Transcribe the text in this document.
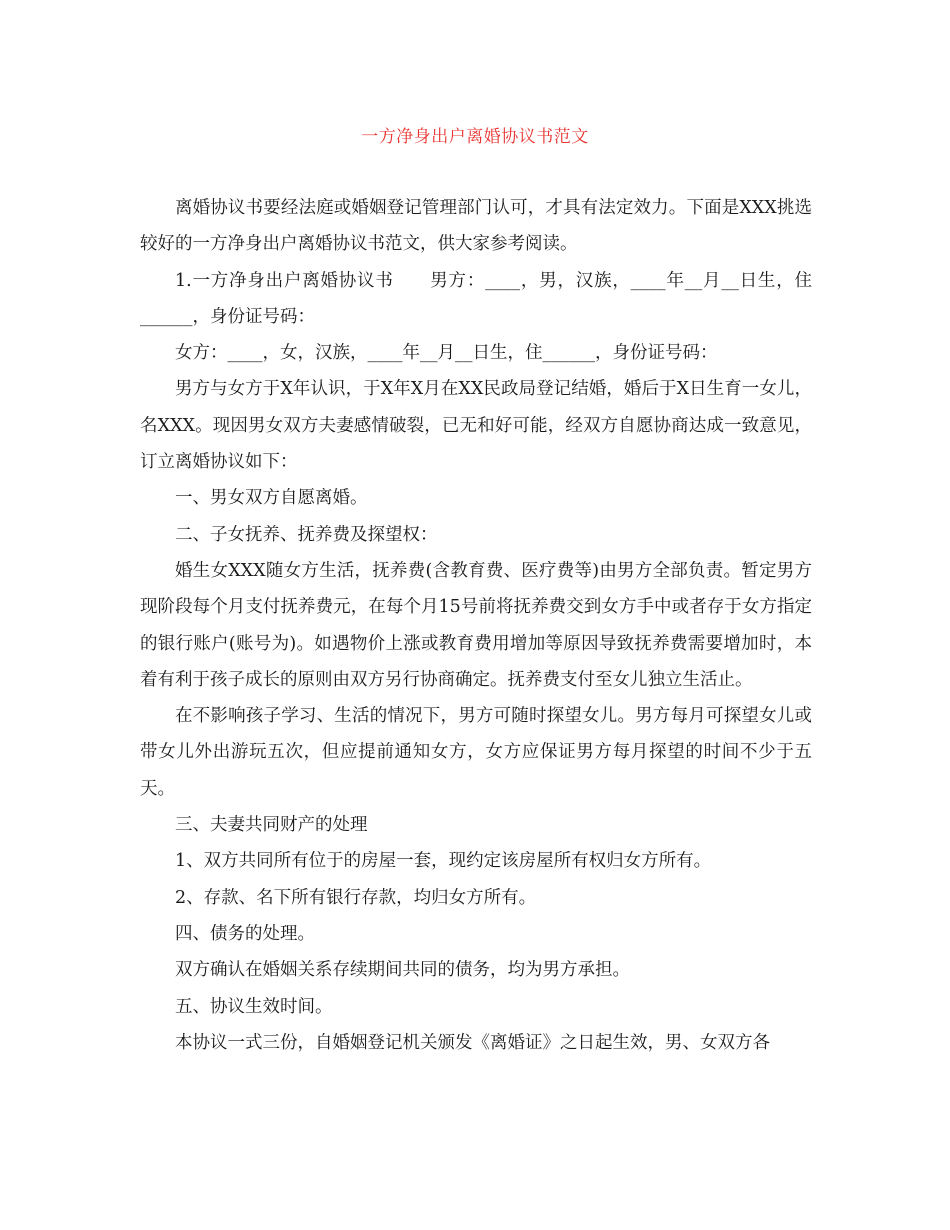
一方净身出户离婚协议书范文

离婚协议书要经法庭或婚姻登记管理部门认可，才具有法定效力。下面是XXX挑选较好的一方净身出户离婚协议书范文，供大家参考阅读。

1.一方净身出户离婚协议书　　男方：____，男，汉族，____年__月__日生，住______，身份证号码：

女方：____，女，汉族，____年__月__日生，住______，身份证号码：

男方与女方于X年认识，于X年X月在XX民政局登记结婚，婚后于X日生育一女儿，名XXX。现因男女双方夫妻感情破裂，已无和好可能，经双方自愿协商达成一致意见，订立离婚协议如下：

一、男女双方自愿离婚。

二、子女抚养、抚养费及探望权：

婚生女XXX随女方生活，抚养费(含教育费、医疗费等)由男方全部负责。暂定男方现阶段每个月支付抚养费元，在每个月15号前将抚养费交到女方手中或者存于女方指定的银行账户(账号为)。如遇物价上涨或教育费用增加等原因导致抚养费需要增加时，本着有利于孩子成长的原则由双方另行协商确定。抚养费支付至女儿独立生活止。

在不影响孩子学习、生活的情况下，男方可随时探望女儿。男方每月可探望女儿或带女儿外出游玩五次，但应提前通知女方，女方应保证男方每月探望的时间不少于五天。

三、夫妻共同财产的处理

1、双方共同所有位于的房屋一套，现约定该房屋所有权归女方所有。

2、存款、名下所有银行存款，均归女方所有。

四、债务的处理。

双方确认在婚姻关系存续期间共同的债务，均为男方承担。

五、协议生效时间。

本协议一式三份，自婚姻登记机关颁发《离婚证》之日起生效，男、女双方各
